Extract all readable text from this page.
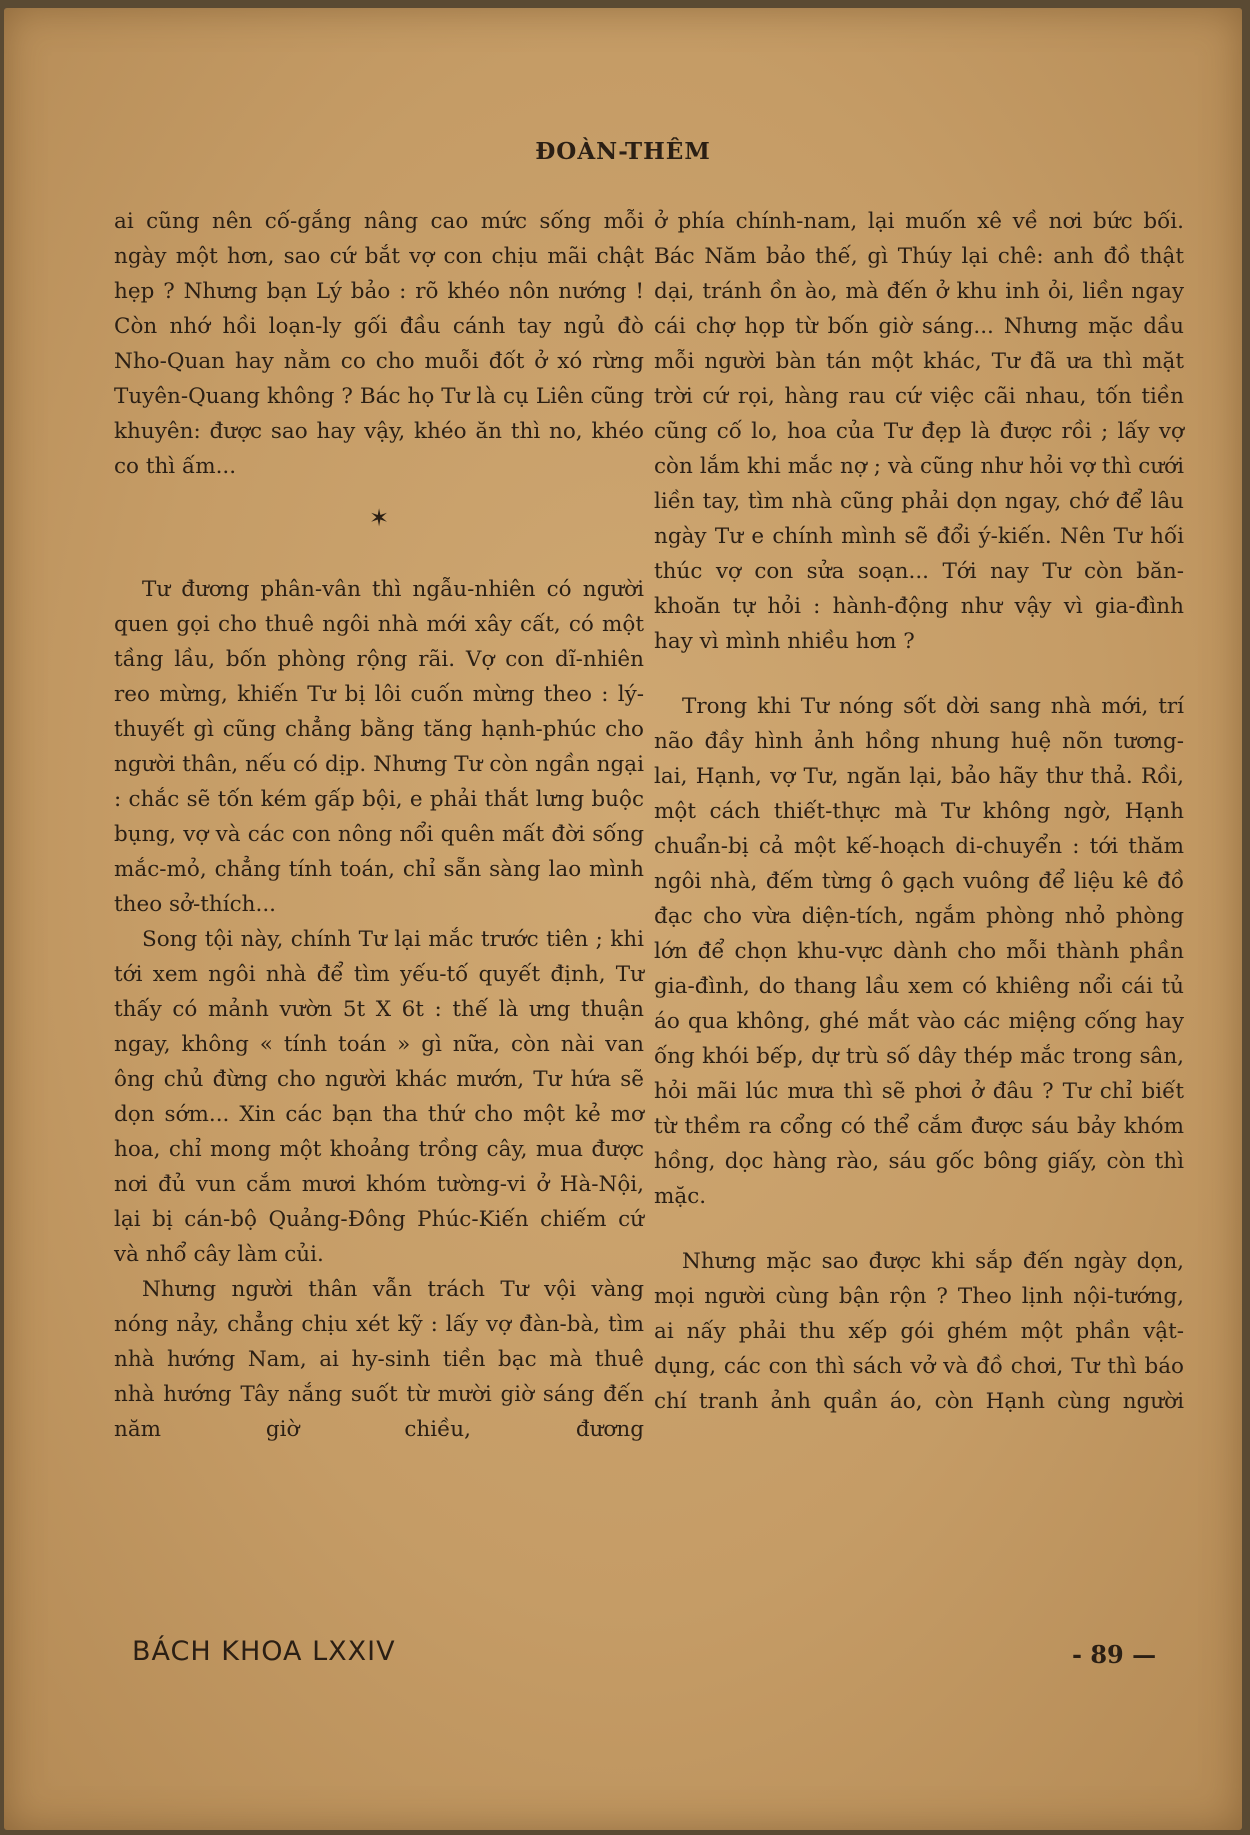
ĐOÀN-THÊM

ai cũng nên cố-gắng nâng cao mức sống mỗi ngày một hơn, sao cứ bắt vợ con chịu mãi chật hẹp ? Nhưng bạn Lý bảo : rõ khéo nôn nướng ! Còn nhớ hồi loạn-ly gối đầu cánh tay ngủ đò Nho-Quan hay nằm co cho muỗi đốt ở xó rừng Tuyên-Quang không ? Bác họ Tư là cụ Liên cũng khuyên: được sao hay vậy, khéo ăn thì no, khéo co thì ấm...

✶

Tư đương phân-vân thì ngẫu-nhiên có người quen gọi cho thuê ngôi nhà mới xây cất, có một tầng lầu, bốn phòng rộng rãi. Vợ con dĩ-nhiên reo mừng, khiến Tư bị lôi cuốn mừng theo : lý-thuyết gì cũng chẳng bằng tăng hạnh-phúc cho người thân, nếu có dịp. Nhưng Tư còn ngần ngại : chắc sẽ tốn kém gấp bội, e phải thắt lưng buộc bụng, vợ và các con nông nổi quên mất đời sống mắc-mỏ, chẳng tính toán, chỉ sẵn sàng lao mình theo sở-thích...

Song tội này, chính Tư lại mắc trước tiên ; khi tới xem ngôi nhà để tìm yếu-tố quyết định, Tư thấy có mảnh vườn 5t X 6t : thế là ưng thuận ngay, không « tính toán » gì nữa, còn nài van ông chủ đừng cho người khác mướn, Tư hứa sẽ dọn sớm... Xin các bạn tha thứ cho một kẻ mơ hoa, chỉ mong một khoảng trồng cây, mua được nơi đủ vun cắm mươi khóm tường-vi ở Hà-Nội, lại bị cán-bộ Quảng-Đông Phúc-Kiến chiếm cứ và nhổ cây làm củi.

Nhưng người thân vẫn trách Tư vội vàng nóng nảy, chẳng chịu xét kỹ : lấy vợ đàn-bà, tìm nhà hướng Nam, ai hy-sinh tiền bạc mà thuê nhà hướng Tây nắng suốt từ mười giờ sáng đến năm giờ chiều, đương

ở phía chính-nam, lại muốn xê về nơi bức bối. Bác Năm bảo thế, gì Thúy lại chê: anh đồ thật dại, tránh ồn ào, mà đến ở khu inh ỏi, liền ngay cái chợ họp từ bốn giờ sáng... Nhưng mặc dầu mỗi người bàn tán một khác, Tư đã ưa thì mặt trời cứ rọi, hàng rau cứ việc cãi nhau, tốn tiền cũng cố lo, hoa của Tư đẹp là được rồi ; lấy vợ còn lắm khi mắc nợ ; và cũng như hỏi vợ thì cưới liền tay, tìm nhà cũng phải dọn ngay, chớ để lâu ngày Tư e chính mình sẽ đổi ý-kiến. Nên Tư hối thúc vợ con sửa soạn... Tới nay Tư còn băn-khoăn tự hỏi : hành-động như vậy vì gia-đình hay vì mình nhiều hơn ?

Trong khi Tư nóng sốt dời sang nhà mới, trí não đầy hình ảnh hồng nhung huệ nõn tương-lai, Hạnh, vợ Tư, ngăn lại, bảo hãy thư thả. Rồi, một cách thiết-thực mà Tư không ngờ, Hạnh chuẩn-bị cả một kế-hoạch di-chuyển : tới thăm ngôi nhà, đếm từng ô gạch vuông để liệu kê đồ đạc cho vừa diện-tích, ngắm phòng nhỏ phòng lớn để chọn khu-vực dành cho mỗi thành phần gia-đình, do thang lầu xem có khiêng nổi cái tủ áo qua không, ghé mắt vào các miệng cống hay ống khói bếp, dự trù số dây thép mắc trong sân, hỏi mãi lúc mưa thì sẽ phơi ở đâu ? Tư chỉ biết từ thềm ra cổng có thể cắm được sáu bảy khóm hồng, dọc hàng rào, sáu gốc bông giấy, còn thì mặc.

Nhưng mặc sao được khi sắp đến ngày dọn, mọi người cùng bận rộn ? Theo lịnh nội-tướng, ai nấy phải thu xếp gói ghém một phần vật-dụng, các con thì sách vở và đồ chơi, Tư thì báo chí tranh ảnh quần áo, còn Hạnh cùng người

BÁCH KHOA LXXIV	- 89 —
